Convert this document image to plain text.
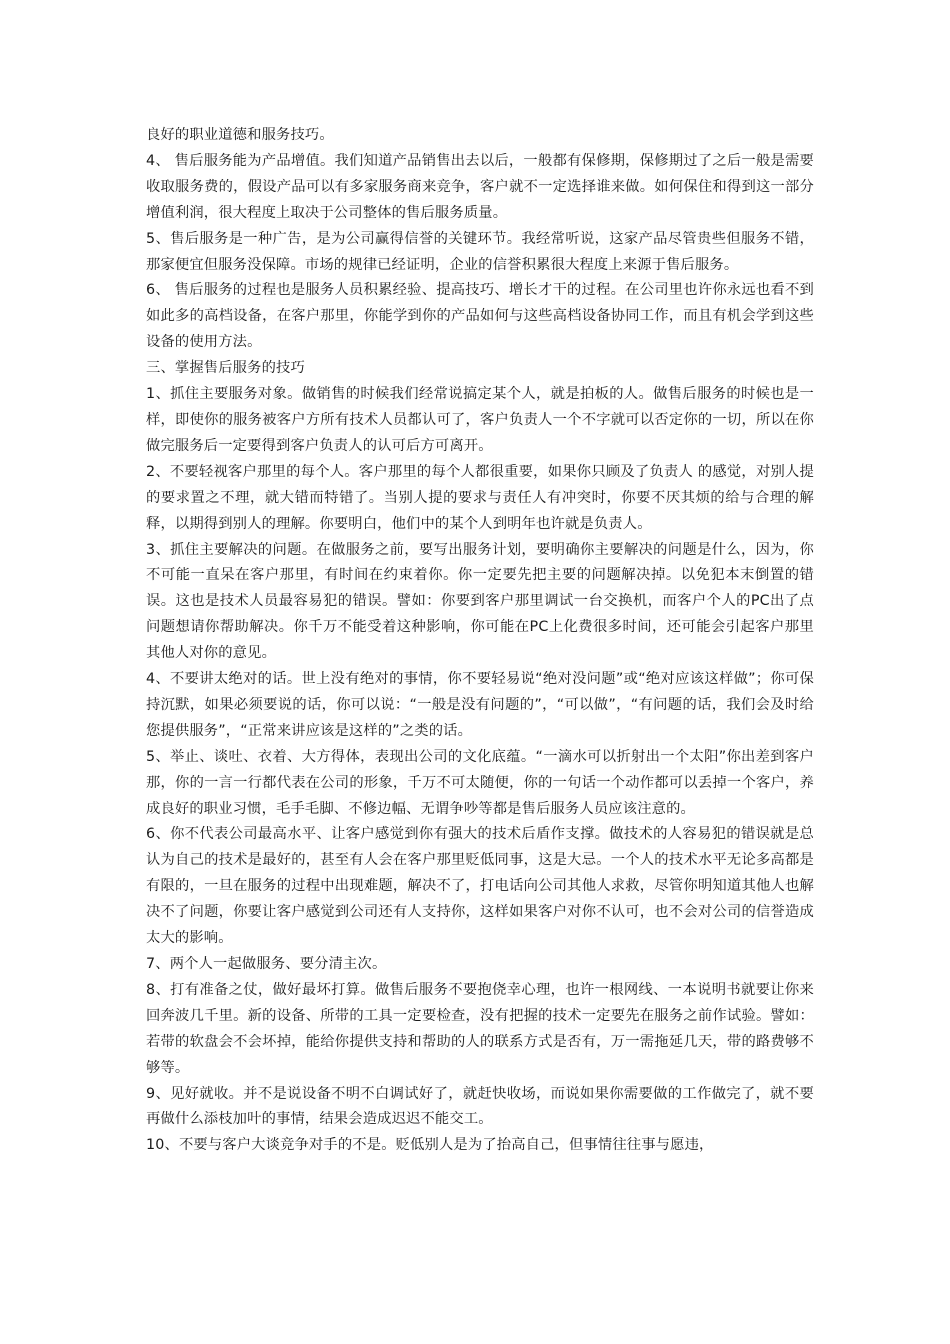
良好的职业道德和服务技巧。

4、 售后服务能为产品增值。我们知道产品销售出去以后，一般都有保修期，保修期过了之后一般是需要收取服务费的，假设产品可以有多家服务商来竞争，客户就不一定选择谁来做。如何保住和得到这一部分增值利润，很大程度上取决于公司整体的售后服务质量。

5、售后服务是一种广告，是为公司赢得信誉的关键环节。我经常听说，这家产品尽管贵些但服务不错，那家便宜但服务没保障。市场的规律已经证明，企业的信誉积累很大程度上来源于售后服务。

6、 售后服务的过程也是服务人员积累经验、提高技巧、增长才干的过程。在公司里也许你永远也看不到如此多的高档设备，在客户那里，你能学到你的产品如何与这些高档设备协同工作，而且有机会学到这些设备的使用方法。

三、掌握售后服务的技巧

1、抓住主要服务对象。做销售的时候我们经常说搞定某个人，就是拍板的人。做售后服务的时候也是一样，即使你的服务被客户方所有技术人员都认可了，客户负责人一个不字就可以否定你的一切，所以在你做完服务后一定要得到客户负责人的认可后方可离开。

2、不要轻视客户那里的每个人。客户那里的每个人都很重要，如果你只顾及了负责人 的感觉，对别人提的要求置之不理，就大错而特错了。当别人提的要求与责任人有冲突时，你要不厌其烦的给与合理的解释，以期得到别人的理解。你要明白，他们中的某个人到明年也许就是负责人。

3、抓住主要解决的问题。在做服务之前，要写出服务计划，要明确你主要解决的问题是什么，因为，你不可能一直呆在客户那里，有时间在约束着你。你一定要先把主要的问题解决掉。以免犯本末倒置的错误。这也是技术人员最容易犯的错误。譬如：你要到客户那里调试一台交换机，而客户个人的PC出了点问题想请你帮助解决。你千万不能受着这种影响，你可能在PC上化费很多时间，还可能会引起客户那里其他人对你的意见。

4、不要讲太绝对的话。世上没有绝对的事情，你不要轻易说“绝对没问题”或“绝对应该这样做”；你可保持沉默，如果必须要说的话，你可以说：“一般是没有问题的”，“可以做”，“有问题的话，我们会及时给您提供服务”，“正常来讲应该是这样的”之类的话。

5、举止、谈吐、衣着、大方得体，表现出公司的文化底蕴。“一滴水可以折射出一个太阳”你出差到客户那，你的一言一行都代表在公司的形象，千万不可太随便，你的一句话一个动作都可以丢掉一个客户，养成良好的职业习惯，毛手毛脚、不修边幅、无谓争吵等都是售后服务人员应该注意的。

6、你不代表公司最高水平、让客户感觉到你有强大的技术后盾作支撑。做技术的人容易犯的错误就是总认为自己的技术是最好的，甚至有人会在客户那里贬低同事，这是大忌。一个人的技术水平无论多高都是有限的，一旦在服务的过程中出现难题，解决不了，打电话向公司其他人求救，尽管你明知道其他人也解决不了问题，你要让客户感觉到公司还有人支持你，这样如果客户对你不认可，也不会对公司的信誉造成太大的影响。

7、两个人一起做服务、要分清主次。

8、打有准备之仗，做好最坏打算。做售后服务不要抱侥幸心理，也许一根网线、一本说明书就要让你来回奔波几千里。新的设备、所带的工具一定要检查，没有把握的技术一定要先在服务之前作试验。譬如：若带的软盘会不会坏掉，能给你提供支持和帮助的人的联系方式是否有，万一需拖延几天，带的路费够不够等。

9、见好就收。并不是说设备不明不白调试好了，就赶快收场，而说如果你需要做的工作做完了，就不要再做什么添枝加叶的事情，结果会造成迟迟不能交工。

10、不要与客户大谈竞争对手的不是。贬低别人是为了抬高自己，但事情往往事与愿违，
